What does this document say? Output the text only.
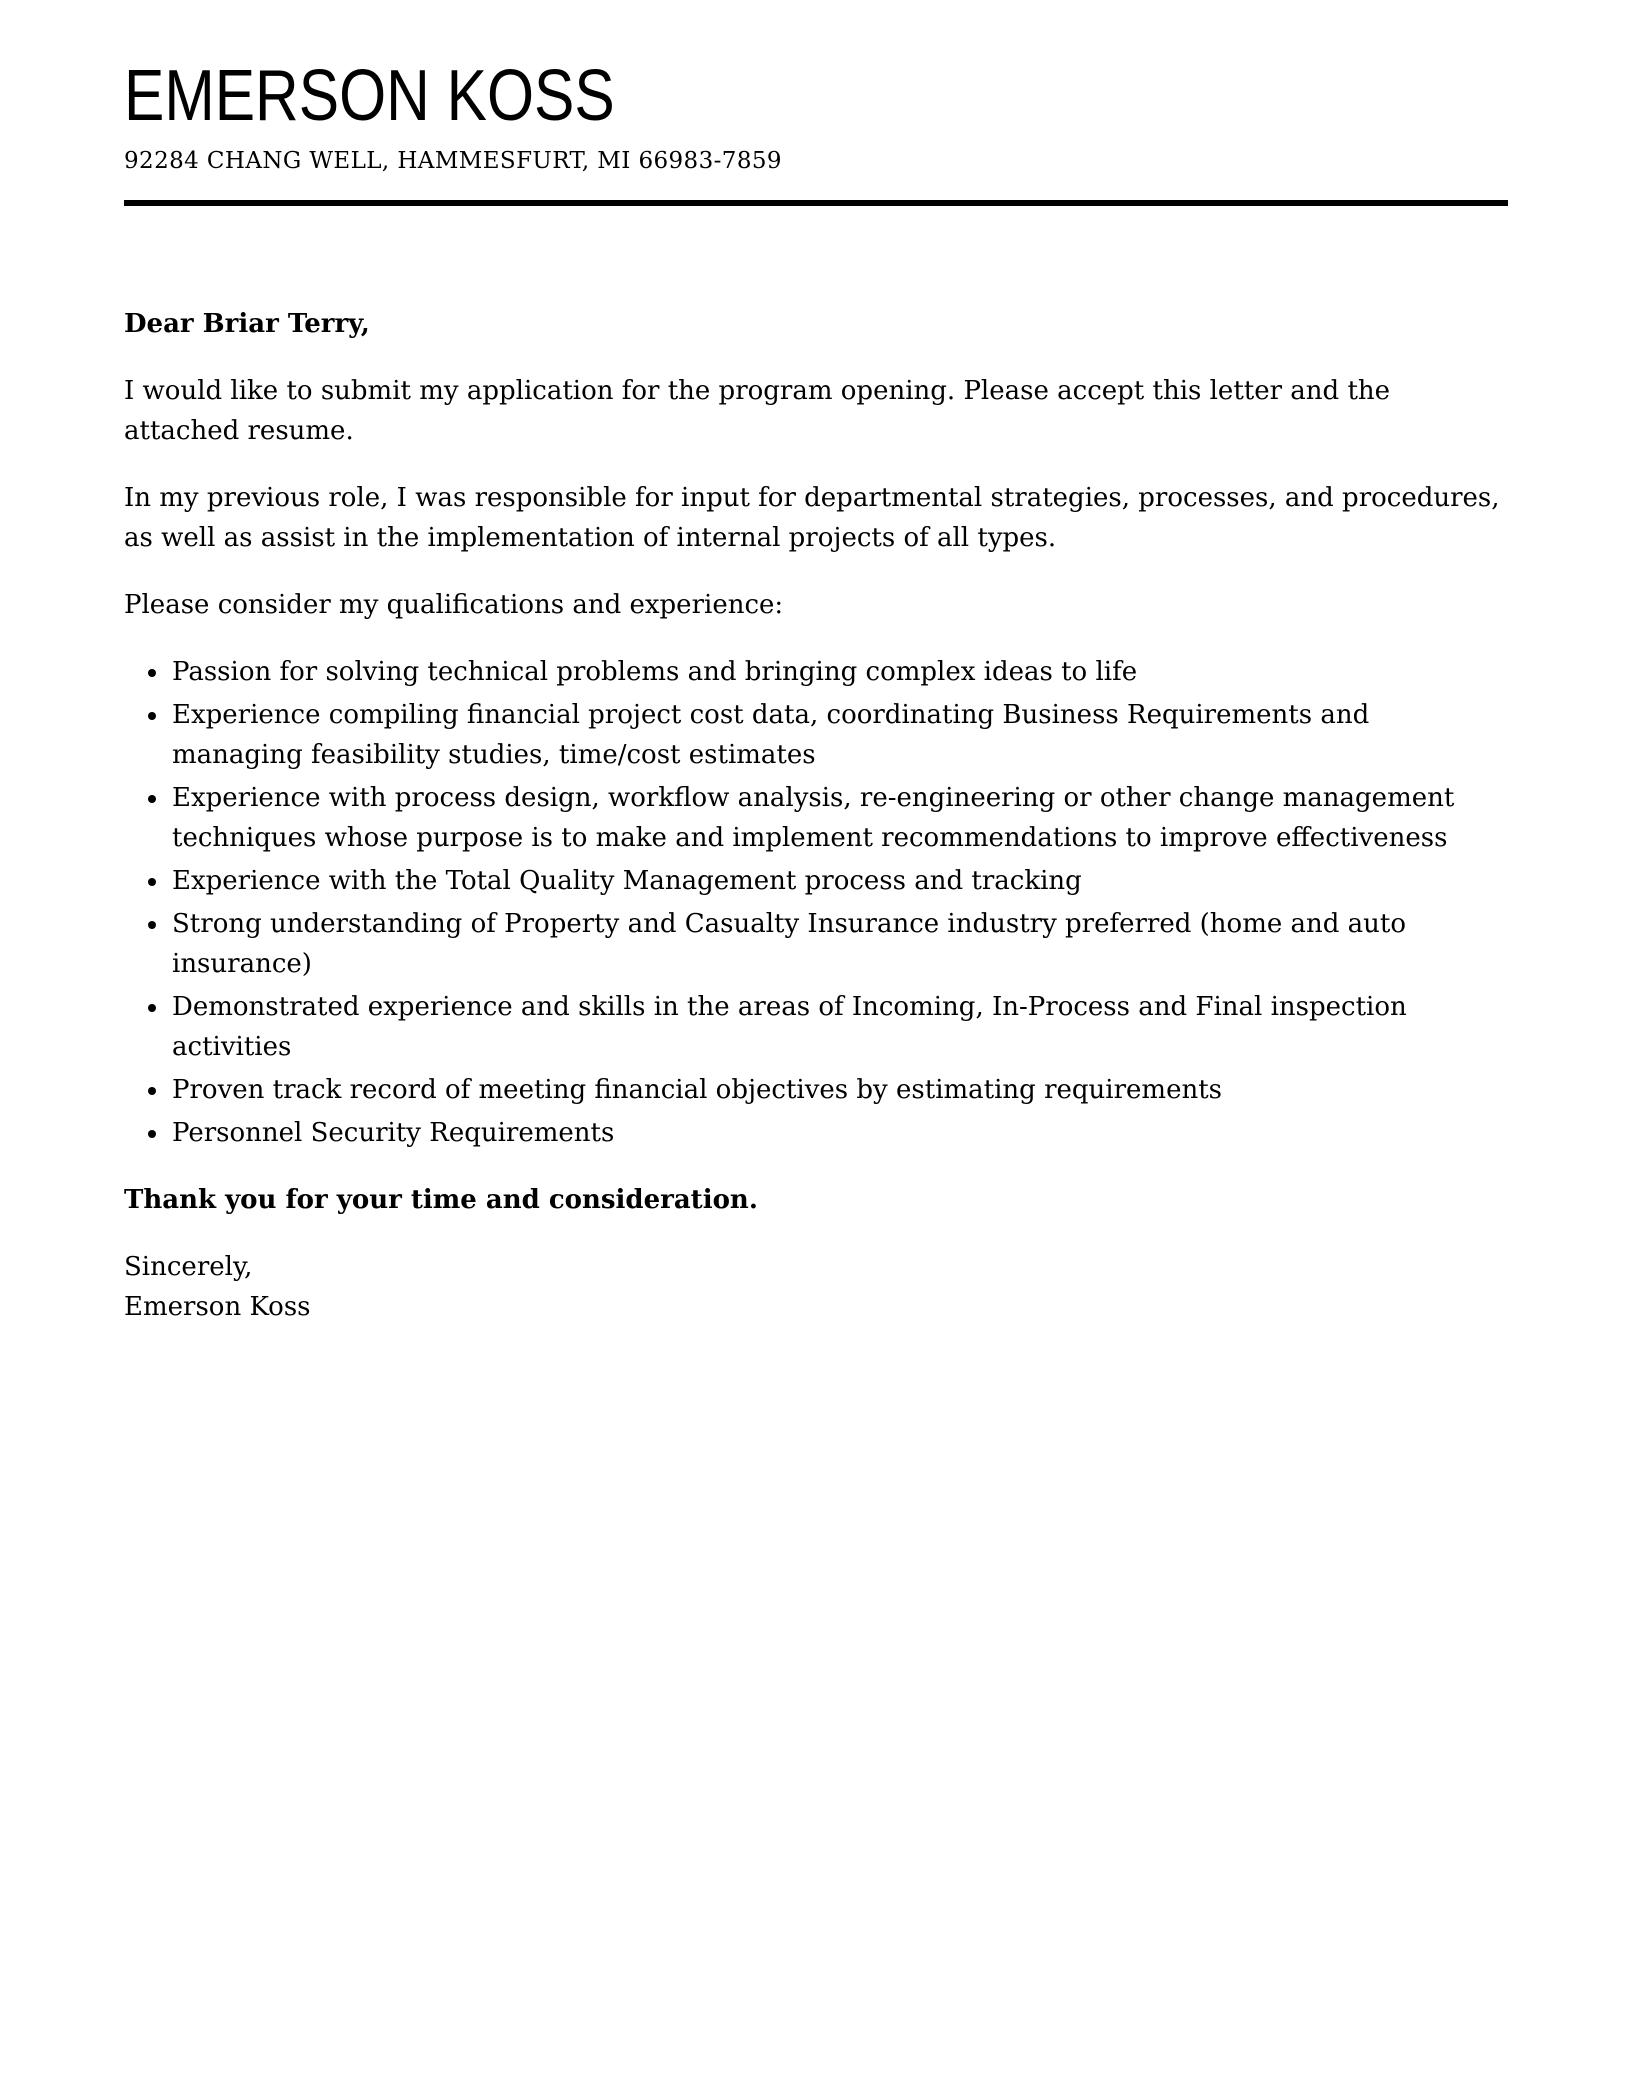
EMERSON KOSS
92284 CHANG WELL, HAMMESFURT, MI 66983-7859

Dear Briar Terry,

I would like to submit my application for the program opening. Please accept this letter and the attached resume.

In my previous role, I was responsible for input for departmental strategies, processes, and procedures, as well as assist in the implementation of internal projects of all types.

Please consider my qualifications and experience:

• Passion for solving technical problems and bringing complex ideas to life
• Experience compiling financial project cost data, coordinating Business Requirements and managing feasibility studies, time/cost estimates
• Experience with process design, workflow analysis, re-engineering or other change management techniques whose purpose is to make and implement recommendations to improve effectiveness
• Experience with the Total Quality Management process and tracking
• Strong understanding of Property and Casualty Insurance industry preferred (home and auto insurance)
• Demonstrated experience and skills in the areas of Incoming, In-Process and Final inspection activities
• Proven track record of meeting financial objectives by estimating requirements
• Personnel Security Requirements

Thank you for your time and consideration.

Sincerely,

Emerson Koss
